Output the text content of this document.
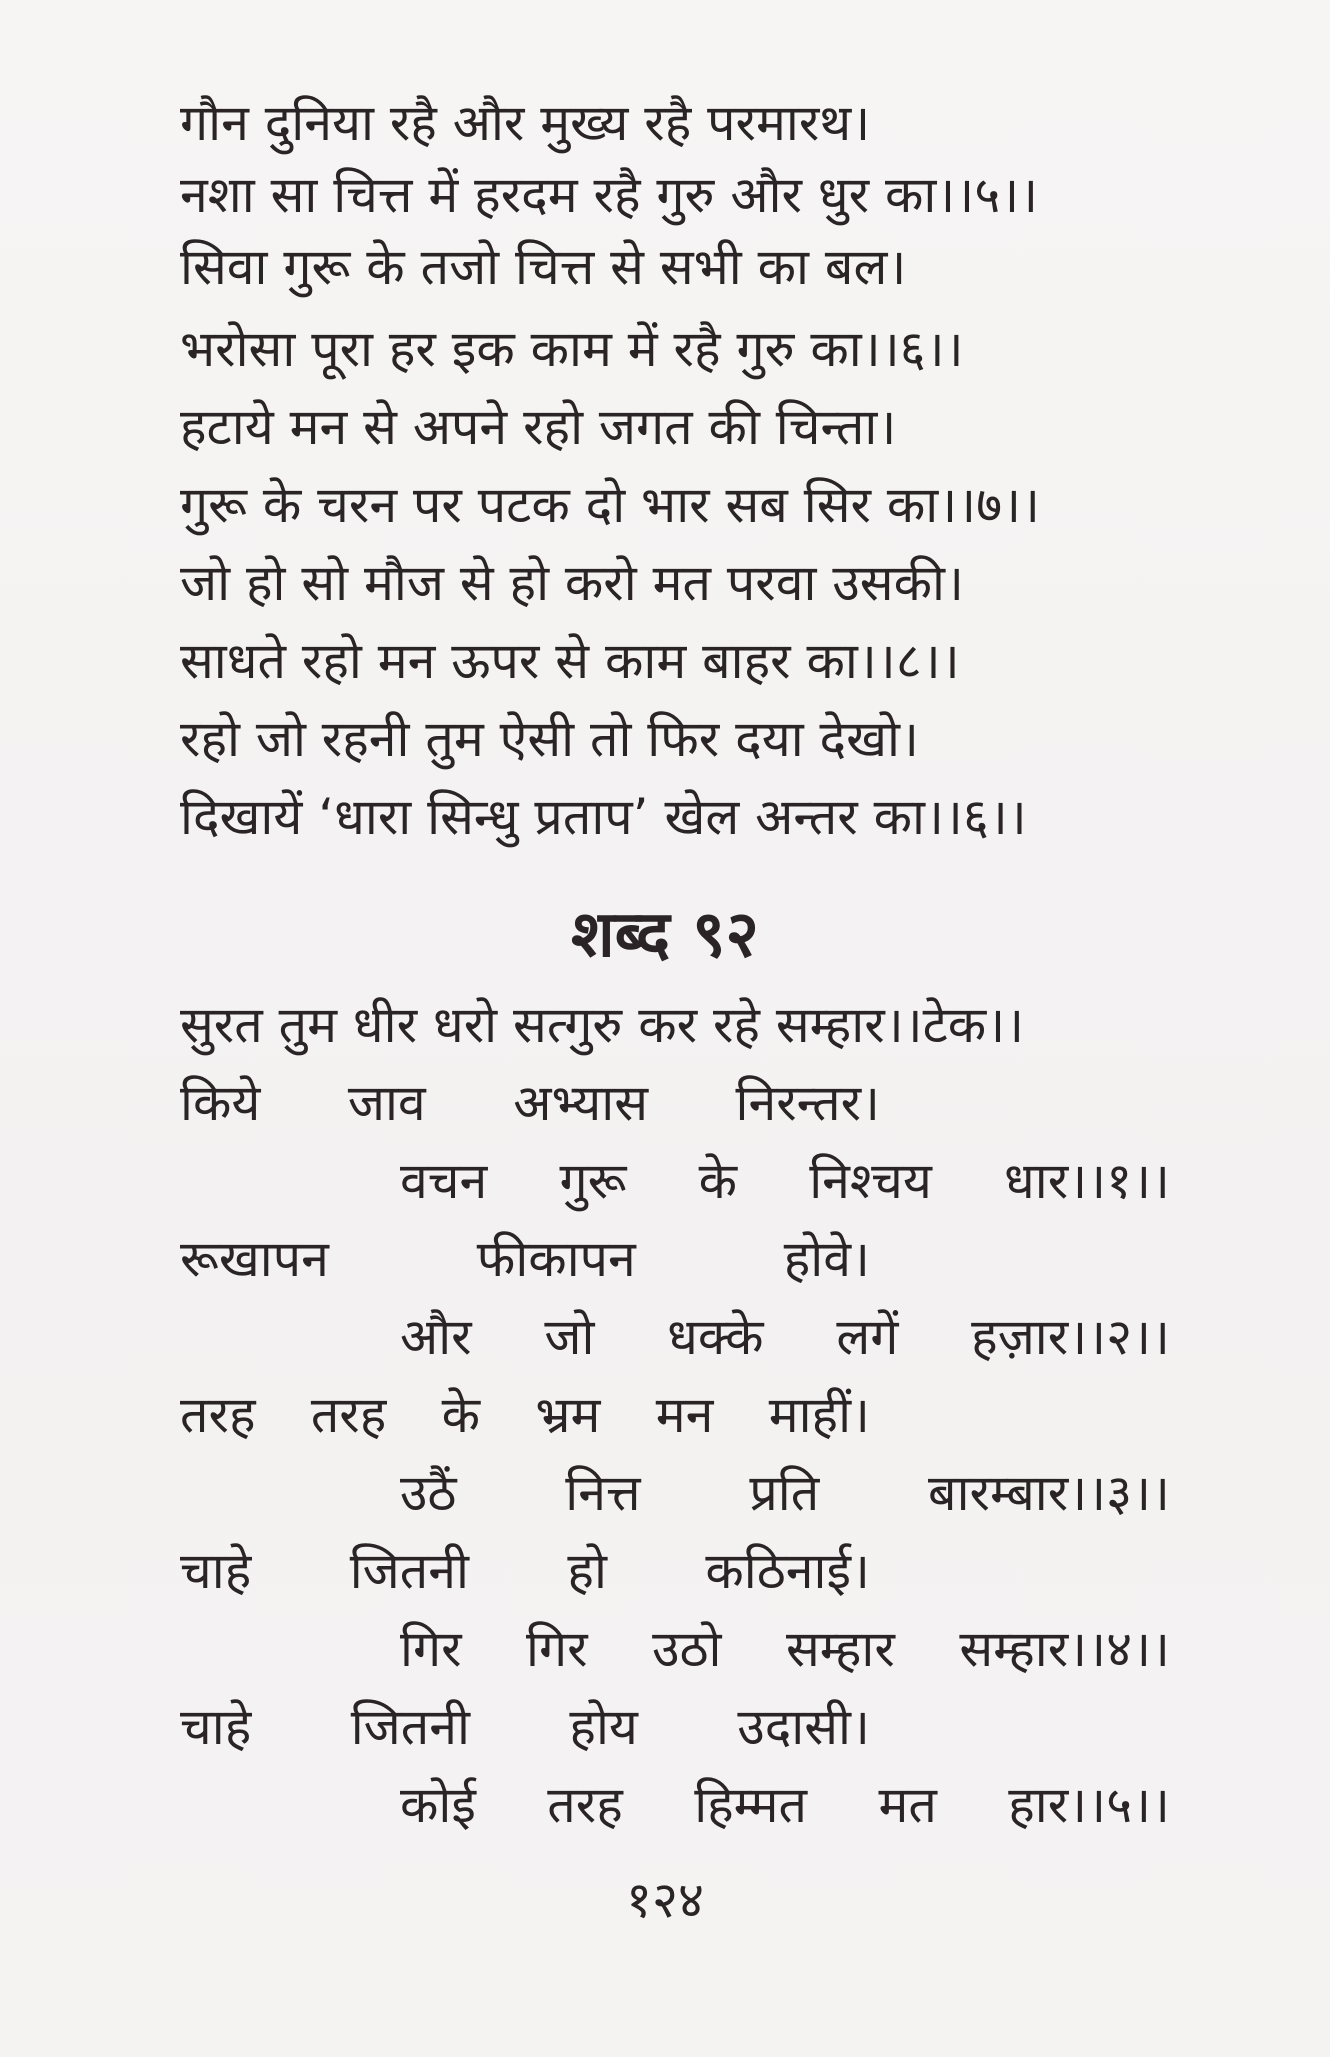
गौन दुनिया रहै और मुख्य रहै परमारथ।
नशा सा चित्त में हरदम रहै गुरु और धुर का।।५।।
सिवा गुरू के तजो चित्त से सभी का बल।
भरोसा पूरा हर इक काम में रहै गुरु का।।६।।
हटाये मन से अपने रहो जगत की चिन्ता।
गुरू के चरन पर पटक दो भार सब सिर का।।७।।
जो हो सो मौज से हो करो मत परवा उसकी।
साधते रहो मन ऊपर से काम बाहर का।।८।।
रहो जो रहनी तुम ऐसी तो फिर दया देखो।
दिखायें ‘धारा सिन्धु प्रताप’ खेल अन्तर का।।६।।
शब्द ९२
सुरत तुम धीर धरो सत्गुरु कर रहे सम्हार।।टेक।।
किये जाव अभ्यास निरन्तर।
वचन गुरू के निश्चय धार।।१।।
रूखापन	फीकापन	होवे।
और जो धक्के लगें हज़ार।।२।।
तरह तरह के भ्रम मन माहीं।
उठैं नित्त प्रति बारम्बार।।३।।
चाहे जितनी हो कठिनाई।
गिर गिर उठो सम्हार सम्हार।।४।।
चाहे जितनी होय उदासी।
कोई तरह हिम्मत मत हार।।५।।
१२४
